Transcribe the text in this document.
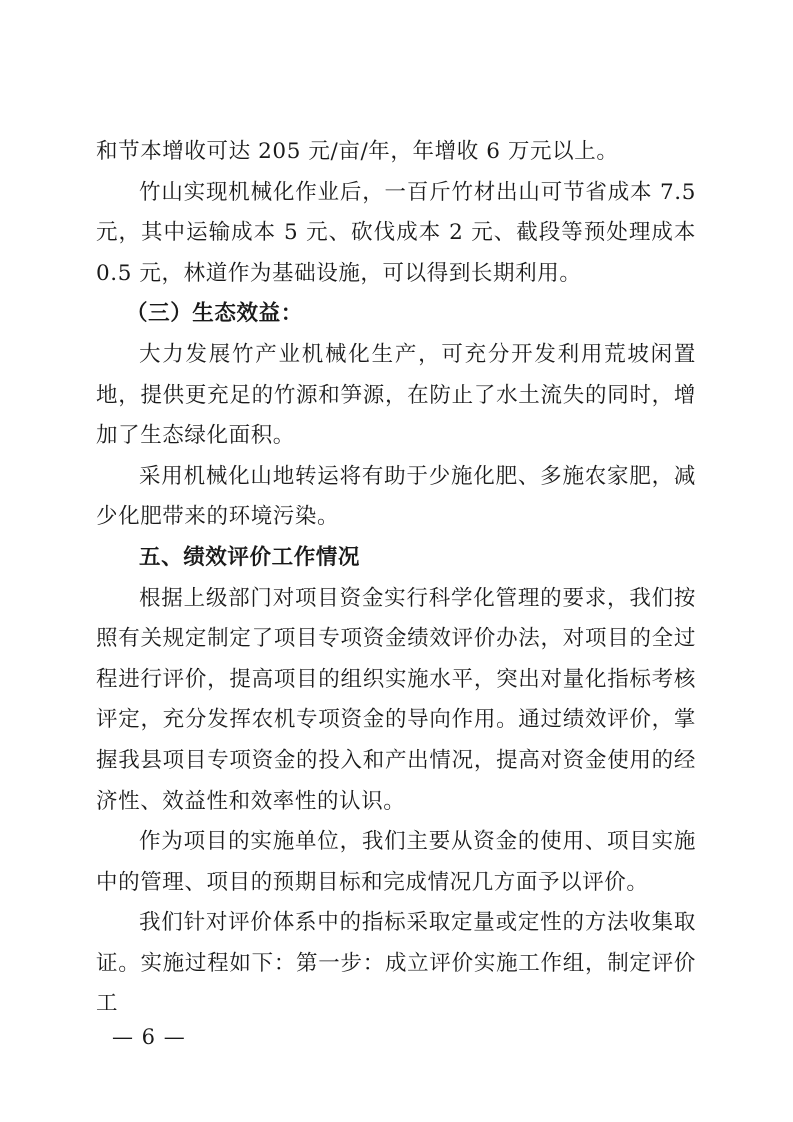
和节本增收可达 205 元/亩/年，年增收 6 万元以上。

竹山实现机械化作业后，一百斤竹材出山可节省成本 7.5 元，其中运输成本 5 元、砍伐成本 2 元、截段等预处理成本 0.5 元，林道作为基础设施，可以得到长期利用。

（三）生态效益：

大力发展竹产业机械化生产，可充分开发利用荒坡闲置地，提供更充足的竹源和笋源，在防止了水土流失的同时，增加了生态绿化面积。

采用机械化山地转运将有助于少施化肥、多施农家肥，减少化肥带来的环境污染。

五、绩效评价工作情况

根据上级部门对项目资金实行科学化管理的要求，我们按照有关规定制定了项目专项资金绩效评价办法，对项目的全过程进行评价，提高项目的组织实施水平，突出对量化指标考核评定，充分发挥农机专项资金的导向作用。通过绩效评价，掌握我县项目专项资金的投入和产出情况，提高对资金使用的经济性、效益性和效率性的认识。

作为项目的实施单位，我们主要从资金的使用、项目实施中的管理、项目的预期目标和完成情况几方面予以评价。

我们针对评价体系中的指标采取定量或定性的方法收集取证。实施过程如下：第一步：成立评价实施工作组，制定评价工

— 6 —
